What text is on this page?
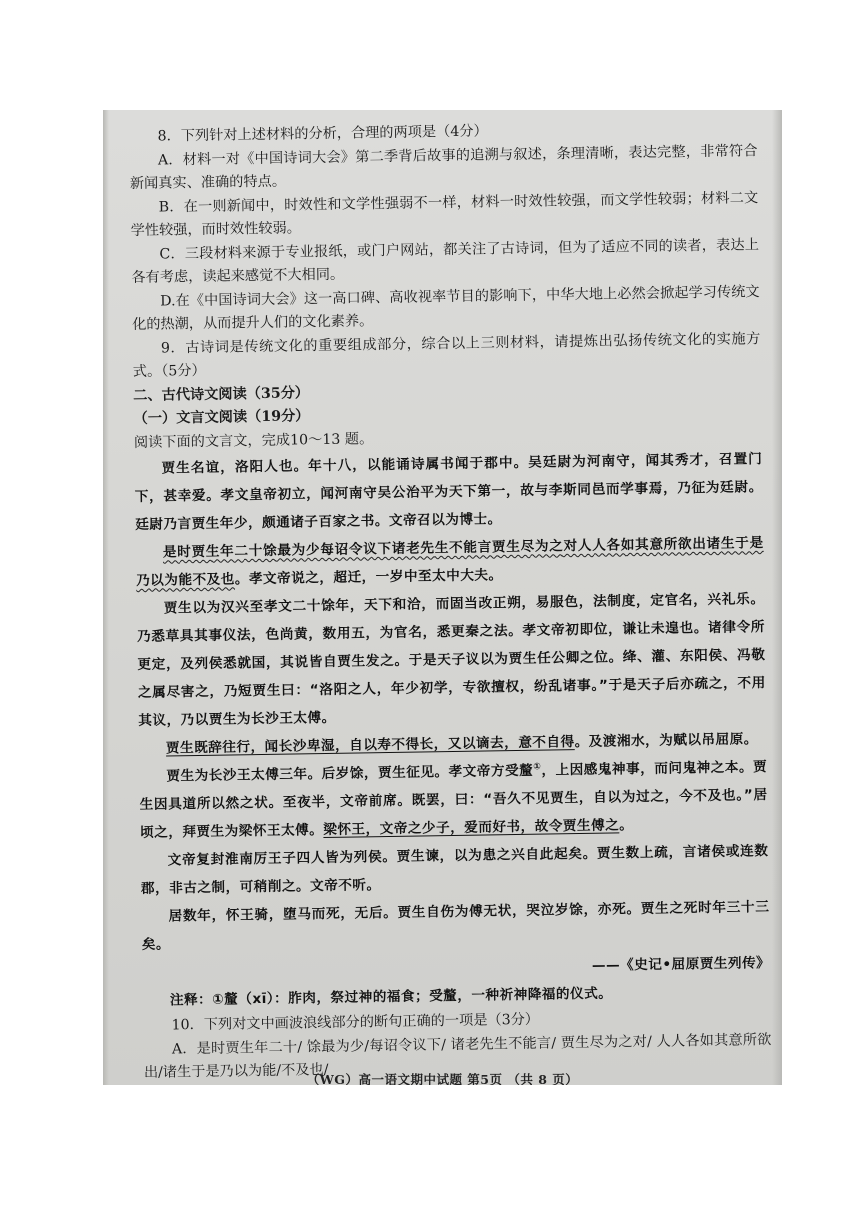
8．下列针对上述材料的分析，合理的两项是（4分）

A．材料一对《中国诗词大会》第二季背后故事的追溯与叙述，条理清晰，表达完整，非常符合新闻真实、准确的特点。

B．在一则新闻中，时效性和文学性强弱不一样，材料一时效性较强，而文学性较弱；材料二文学性较强，而时效性较弱。

C．三段材料来源于专业报纸，或门户网站，都关注了古诗词，但为了适应不同的读者，表达上各有考虑，读起来感觉不大相同。

D.在《中国诗词大会》这一高口碑、高收视率节目的影响下，中华大地上必然会掀起学习传统文化的热潮，从而提升人们的文化素养。

9．古诗词是传统文化的重要组成部分，综合以上三则材料，请提炼出弘扬传统文化的实施方式。（5分）

二、古代诗文阅读（35分）

（一）文言文阅读（19分）

阅读下面的文言文，完成10～13 题。

贾生名谊，洛阳人也。年十八，以能诵诗属书闻于郡中。吴廷尉为河南守，闻其秀才，召置门下，甚幸爱。孝文皇帝初立，闻河南守吴公治平为天下第一，故与李斯同邑而学事焉，乃征为廷尉。廷尉乃言贾生年少，颇通诸子百家之书。文帝召以为博士。

是时贾生年二十馀最为少每诏令议下诸老先生不能言贾生尽为之对人人各如其意所欲出诸生于是乃以为能不及也。孝文帝说之，超迁，一岁中至太中大夫。

贾生以为汉兴至孝文二十馀年，天下和洽，而固当改正朔，易服色，法制度，定官名，兴礼乐。乃悉草具其事仪法，色尚黄，数用五，为官名，悉更秦之法。孝文帝初即位，谦让未遑也。诸律令所更定，及列侯悉就国，其说皆自贾生发之。于是天子议以为贾生任公卿之位。绛、灌、东阳侯、冯敬之属尽害之，乃短贾生曰：“洛阳之人，年少初学，专欲擅权，纷乱诸事。”于是天子后亦疏之，不用其议，乃以贾生为长沙王太傅。

贾生既辞往行，闻长沙卑湿，自以寿不得长，又以谪去，意不自得。及渡湘水，为赋以吊屈原。

贾生为长沙王太傅三年。后岁馀，贾生征见。孝文帝方受釐①，上因感鬼神事，而问鬼神之本。贾生因具道所以然之状。至夜半，文帝前席。既罢，曰：“吾久不见贾生，自以为过之，今不及也。”居顷之，拜贾生为梁怀王太傅。梁怀王，文帝之少子，爱而好书，故令贾生傅之。

文帝复封淮南厉王子四人皆为列侯。贾生谏，以为患之兴自此起矣。贾生数上疏，言诸侯或连数郡，非古之制，可稍削之。文帝不听。

居数年，怀王骑，堕马而死，无后。贾生自伤为傅无状，哭泣岁馀，亦死。贾生之死时年三十三矣。

——《史记•屈原贾生列传》

注释：①釐（xī）：胙肉，祭过神的福食；受釐，一种祈神降福的仪式。

10．下列对文中画波浪线部分的断句正确的一项是（3分）

A．是时贾生年二十/ 馀最为少/每诏令议下/ 诸老先生不能言/ 贾生尽为之对/ 人人各如其意所欲出/诸生于是乃以为能/不及也/

（WG）高一语文期中试题 第5页 （共 8 页）
